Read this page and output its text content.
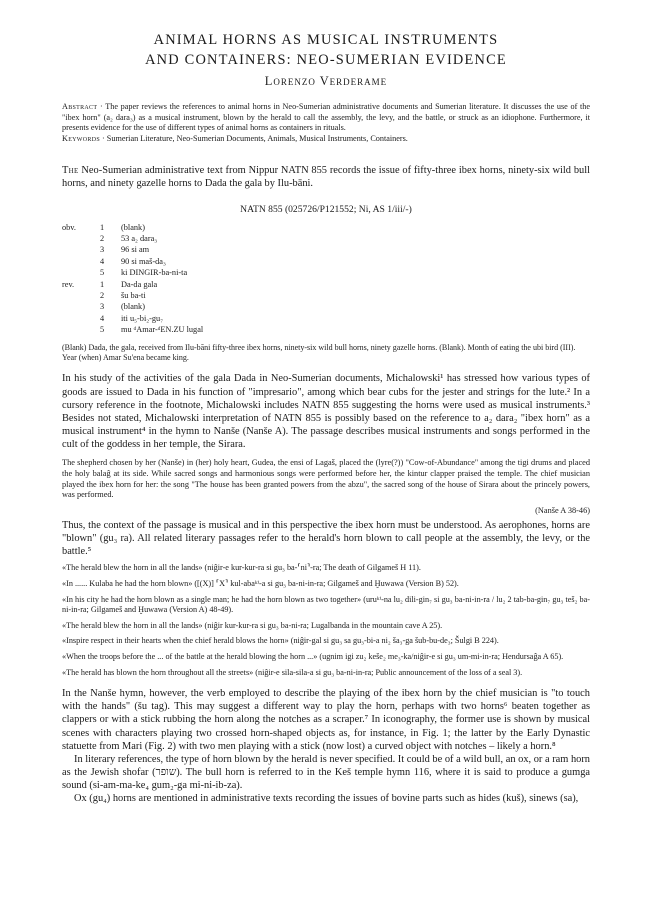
ANIMAL HORNS AS MUSICAL INSTRUMENTS
AND CONTAINERS: NEO-SUMERIAN EVIDENCE
Lorenzo Verderame
Abstract · The paper reviews the references to animal horns in Neo-Sumerian administrative documents and Sumerian literature. It discusses the use of the "ibex horn" (a₂ dara₃) as a musical instrument, blown by the herald to call the assembly, the levy, and the battle, or struck as an idiophone. Furthermore, it presents evidence for the use of different types of animal horns as containers in rituals.
Keywords · Sumerian Literature, Neo-Sumerian Documents, Animals, Musical Instruments, Containers.

The Neo-Sumerian administrative text from Nippur NATN 855 records the issue of fifty-three ibex horns, ninety-six wild bull horns, and ninety gazelle horns to Dada the gala by Ilu-bāni.

NATN 855 (025726/P121552; Ni, AS 1/iii/-)
obv.	1	(blank)
2	53 a₂ dara₃
3	96 si am
4	90 si maš-da₃
5	ki DINGIR-ba-ni-ta
rev.	1	Da-da gala
2	šu ba-ti
3	(blank)
4	iti u₅-bi₂-gu₇
5	mu ᵈAmar-ᵈEN.ZU lugal
(Blank) Dada, the gala, received from Ilu-bāni fifty-three ibex horns, ninety-six wild bull horns, ninety gazelle horns. (Blank). Month of eating the ubi bird (III). Year (when) Amar Su'ena became king.

In his study of the activities of the gala Dada in Neo-Sumerian documents, Michalowski¹ has stressed how various types of goods are issued to Dada in his function of "impresario", among which bear cubs for the jester and strings for the lute.² In a cursory reference in the footnote, Michalowski includes NATN 855 suggesting the horns were used as musical instruments.³ Besides not stated, Michalowski interpretation of NATN 855 is possibly based on the reference to a₂ dara₂ "ibex horn" as a musical instrument⁴ in the hymn to Nanše (Nanše A). The passage describes musical instruments and songs performed in the cult of the goddess in her temple, the Sirara.

The shepherd chosen by her (Nanše) in (her) holy heart, Gudea, the ensi of Lagaš, placed the (lyre(?)) "Cow-of-Abundance" among the tigi drums and placed the holy balaĝ at its side. While sacred songs and harmonious songs were performed before her, the kintur clapper praised the temple. The chief musician played the ibex horn for her: the song "The house has been granted powers from the abzu", the sacred song of the house of Sirara about the princely powers, was performed.
(Nanše A 38-46)

Thus, the context of the passage is musical and in this perspective the ibex horn must be understood. As aerophones, horns are "blown" (gu₃ ra). All related literary passages refer to the herald's horn blown to call people at the assembly, the levy, or the battle.⁵

«The herald blew the horn in all the lands» (niĝir-e kur-kur-ra si gu₃ ba-⸢ni⸣-ra; The death of Gilgameš H 11).
«In ...... Kulaba he had the horn blown» ([(X)] ⸢X⸣ kul-abaᵏⁱ-a si gu₃ ba-ni-in-ra; Gilgameš and Ḫuwawa (Version B) 52).
«In his city he had the horn blown as a single man; he had the horn blown as two together» (uruᵏⁱ-na lu₂ dili-gin₇ si gu₃ ba-ni-in-ra / lu₂ 2 tab-ba-gin₇ gu₃ teš₂ ba-ni-in-ra; Gilgameš and Ḫuwawa (Version A) 48-49).
«The herald blew the horn in all the lands» (niĝir kur-kur-ra si gu₃ ba-ni-ra; Lugalbanda in the mountain cave A 25).
«Inspire respect in their hearts when the chief herald blows the horn» (niĝir-gal si gu₃ sa gu₃-bi-a ni₂ ša₃-ga šub-bu-de₃; Šulgi B 224).
«When the troops before the ... of the battle at the herald blowing the horn ...» (ugnim igi zu₂ keše₂ me₃-ka/niĝir-e si gu₃ um-mi-in-ra; Hendursaĝa A 65).
«The herald has blown the horn throughout all the streets» (niĝir-e sila-sila-a si gu₃ ba-ni-in-ra; Public announcement of the loss of a seal 3).

In the Nanše hymn, however, the verb employed to describe the playing of the ibex horn by the chief musician is "to touch with the hands" (šu tag). This may suggest a different way to play the horn, perhaps with two horns⁶ beaten together as clappers or with a stick rubbing the horn along the notches as a scraper.⁷ In iconography, the former use is shown by musical scenes with characters playing two crossed horn-shaped objects as, for instance, in Fig. 1; the latter by the Early Dynastic statuette from Mari (Fig. 2) with two men playing with a stick (now lost) a curved object with notches – likely a horn.⁸

In literary references, the type of horn blown by the herald is never specified. It could be of a wild bull, an ox, or a ram horn as the Jewish shofar (שופר). The bull horn is referred to in the Keš temple hymn 116, where it is said to produce a gumga sound (si-am-ma-ke₄ gum₂-ga mi-ni-ib-za).

Ox (gu₄) horns are mentioned in administrative texts recording the issues of bovine parts such as hides (kuš), sinews (sa),
